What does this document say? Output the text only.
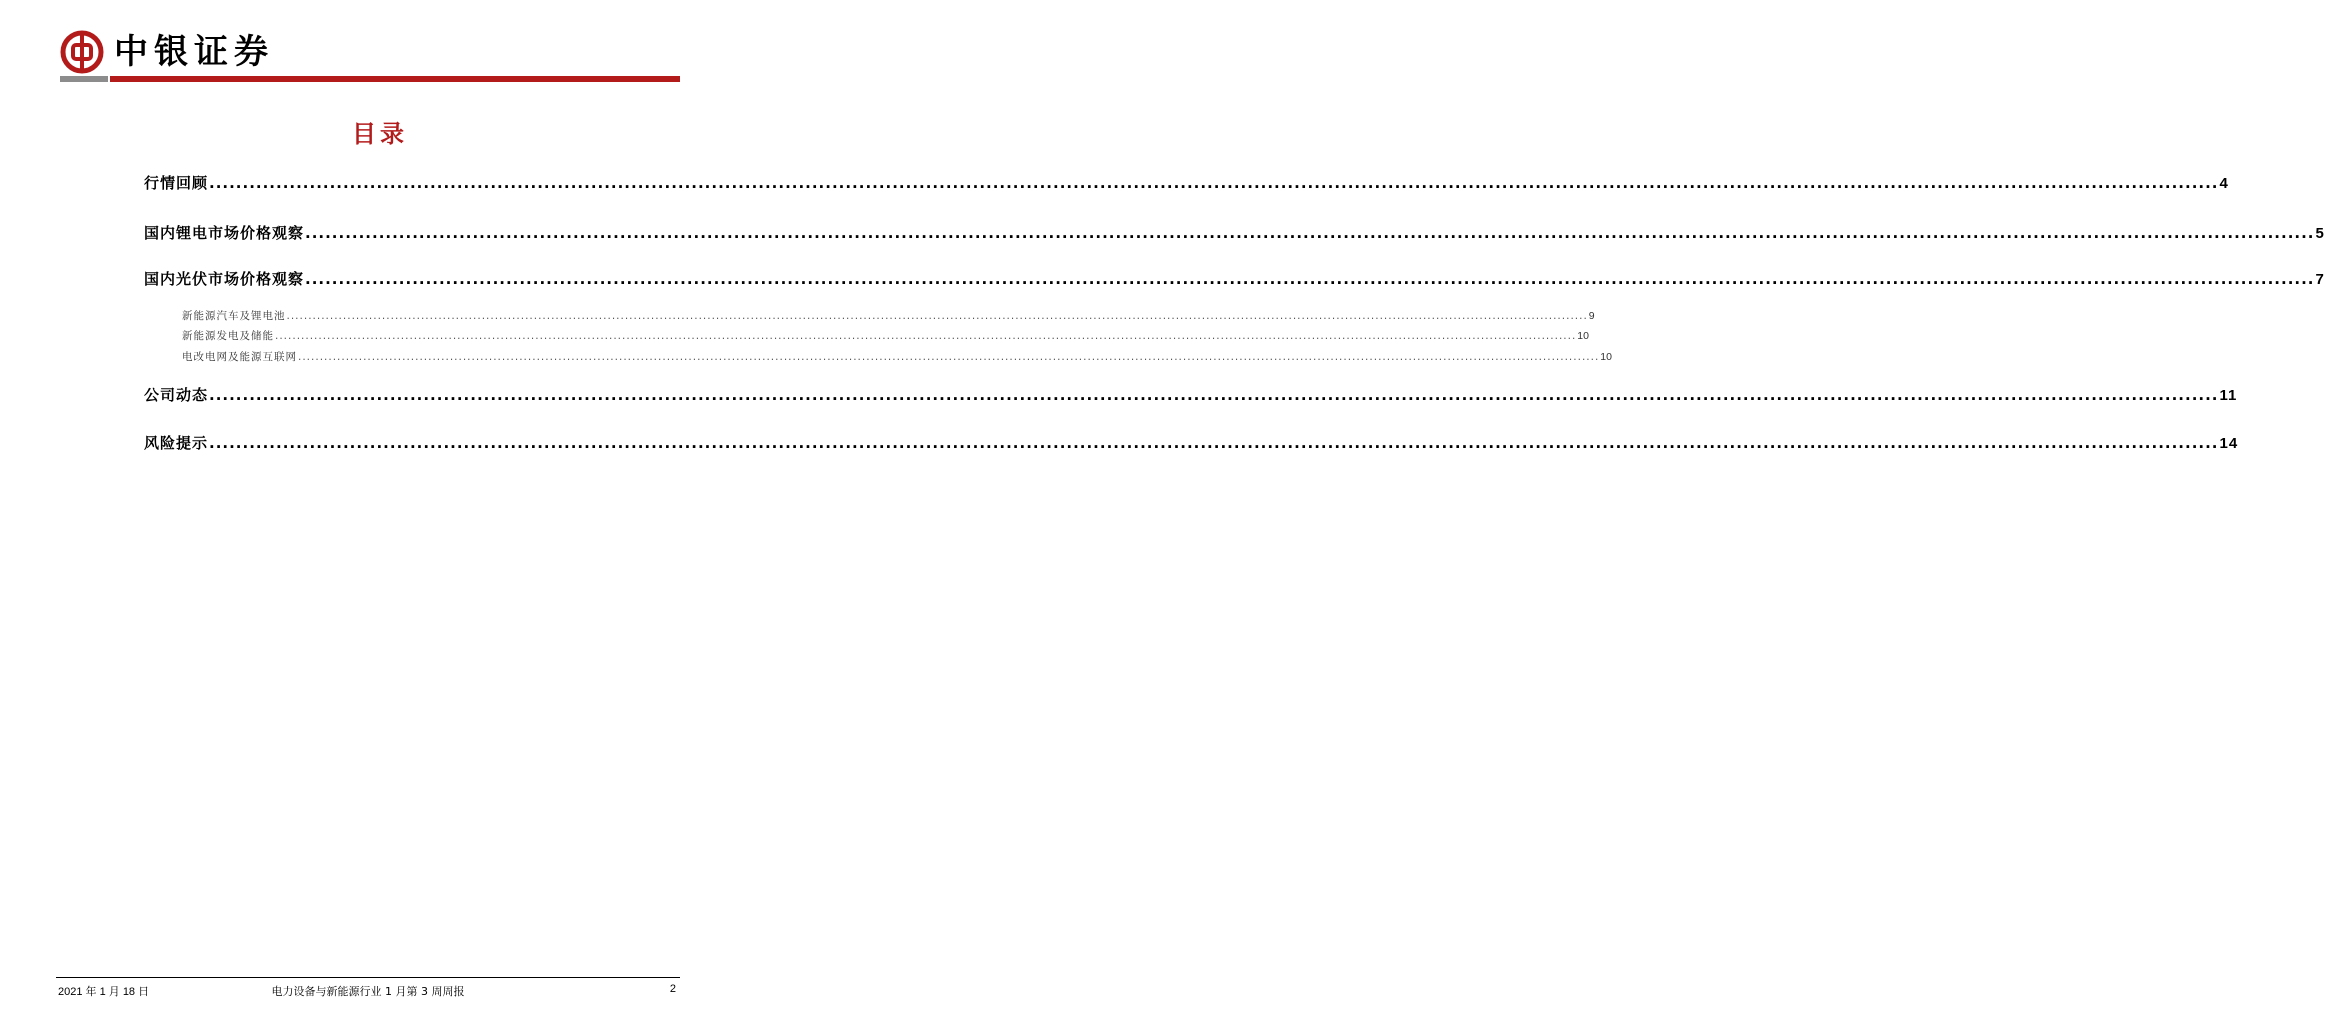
中银证券
目录
行情回顾 ............................................................................................................................................................................................................................................................................................................ 4
国内锂电市场价格观察 ............................................................................................................................................................................................................................................................................................................ 5
国内光伏市场价格观察 ............................................................................................................................................................................................................................................................................................................ 7
新能源汽车及锂电池 ............................................................................................................................................................................................................................................................................................................ 9
新能源发电及储能 ............................................................................................................................................................................................................................................................................................................ 10
电改电网及能源互联网 ............................................................................................................................................................................................................................................................................................................ 10
公司动态 ............................................................................................................................................................................................................................................................................................................ 11
风险提示 ............................................................................................................................................................................................................................................................................................................ 14
2021 年 1 月 18 日	电力设备与新能源行业 1 月第 3 周周报	2
